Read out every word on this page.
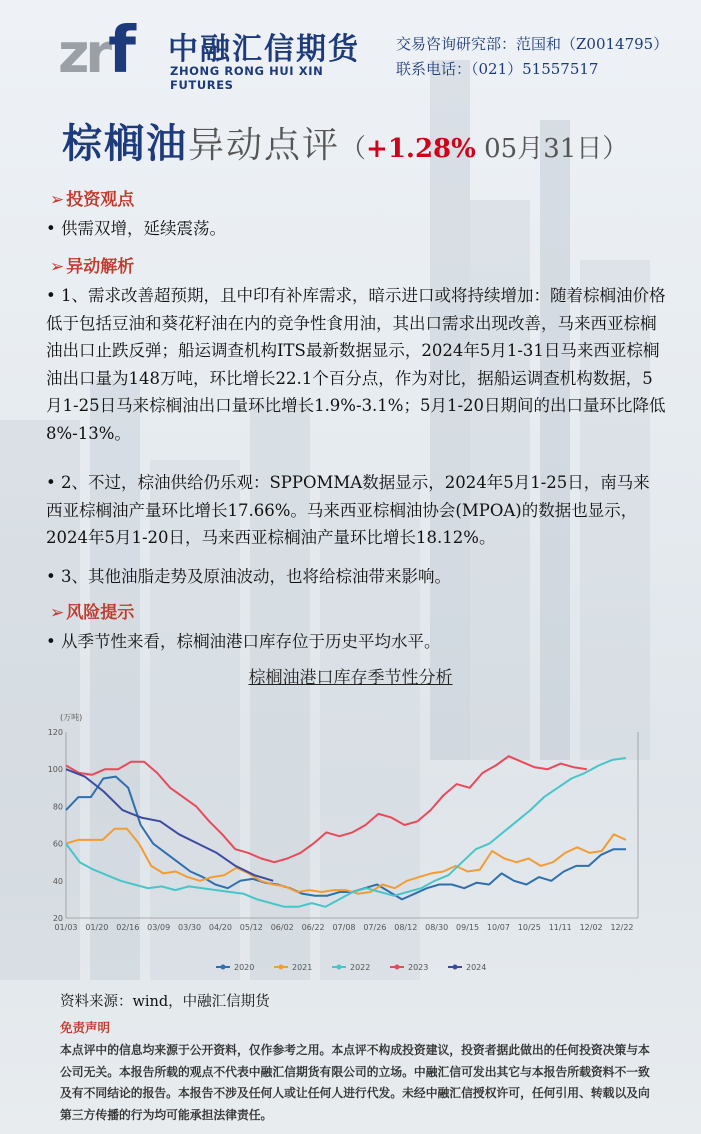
zrf 中融汇信期货
ZHONG RONG HUI XIN FUTURES
交易咨询研究部：范国和（Z0014795）
联系电话：（021）51557517
棕榈油异动点评（+1.28% 05月31日）
➢ 投资观点
• 供需双增，延续震荡。
➢ 异动解析
• 1、需求改善超预期，且中印有补库需求，暗示进口或将持续增加：随着棕榈油价格低于包括豆油和葵花籽油在内的竞争性食用油，其出口需求出现改善，马来西亚棕榈油出口止跌反弹；船运调查机构ITS最新数据显示，2024年5月1-31日马来西亚棕榈油出口量为148万吨，环比增长22.1个百分点，作为对比，据船运调查机构数据，5月1-25日马来棕榈油出口量环比增长1.9%-3.1%；5月1-20日期间的出口量环比降低8%-13%。
• 2、不过，棕油供给仍乐观：SPPOMMA数据显示，2024年5月1-25日，南马来西亚棕榈油产量环比增长17.66%。马来西亚棕榈油协会(MPOA)的数据也显示，2024年5月1-20日，马来西亚棕榈油产量环比增长18.12%。
• 3、其他油脂走势及原油波动，也将给棕油带来影响。
➢ 风险提示
• 从季节性来看，棕榈油港口库存位于历史平均水平。
棕榈油港口库存季节性分析
(万吨)
20
40
60
80
100
120
01/03 01/20 02/16 03/09 03/30 04/20 05/12 06/02 06/22 07/08 07/26 08/12 08/30 09/15 10/07 10/25 11/11 12/02 12/22
2020	2021	2022	2023	2024
资料来源：wind，中融汇信期货
免责声明
本点评中的信息均来源于公开资料，仅作参考之用。本点评不构成投资建议，投资者据此做出的任何投资决策与本公司无关。本报告所载的观点不代表中融汇信期货有限公司的立场。中融汇信可发出其它与本报告所载资料不一致及有不同结论的报告。本报告不涉及任何人或让任何人进行代发。未经中融汇信授权许可，任何引用、转载以及向第三方传播的行为均可能承担法律责任。
